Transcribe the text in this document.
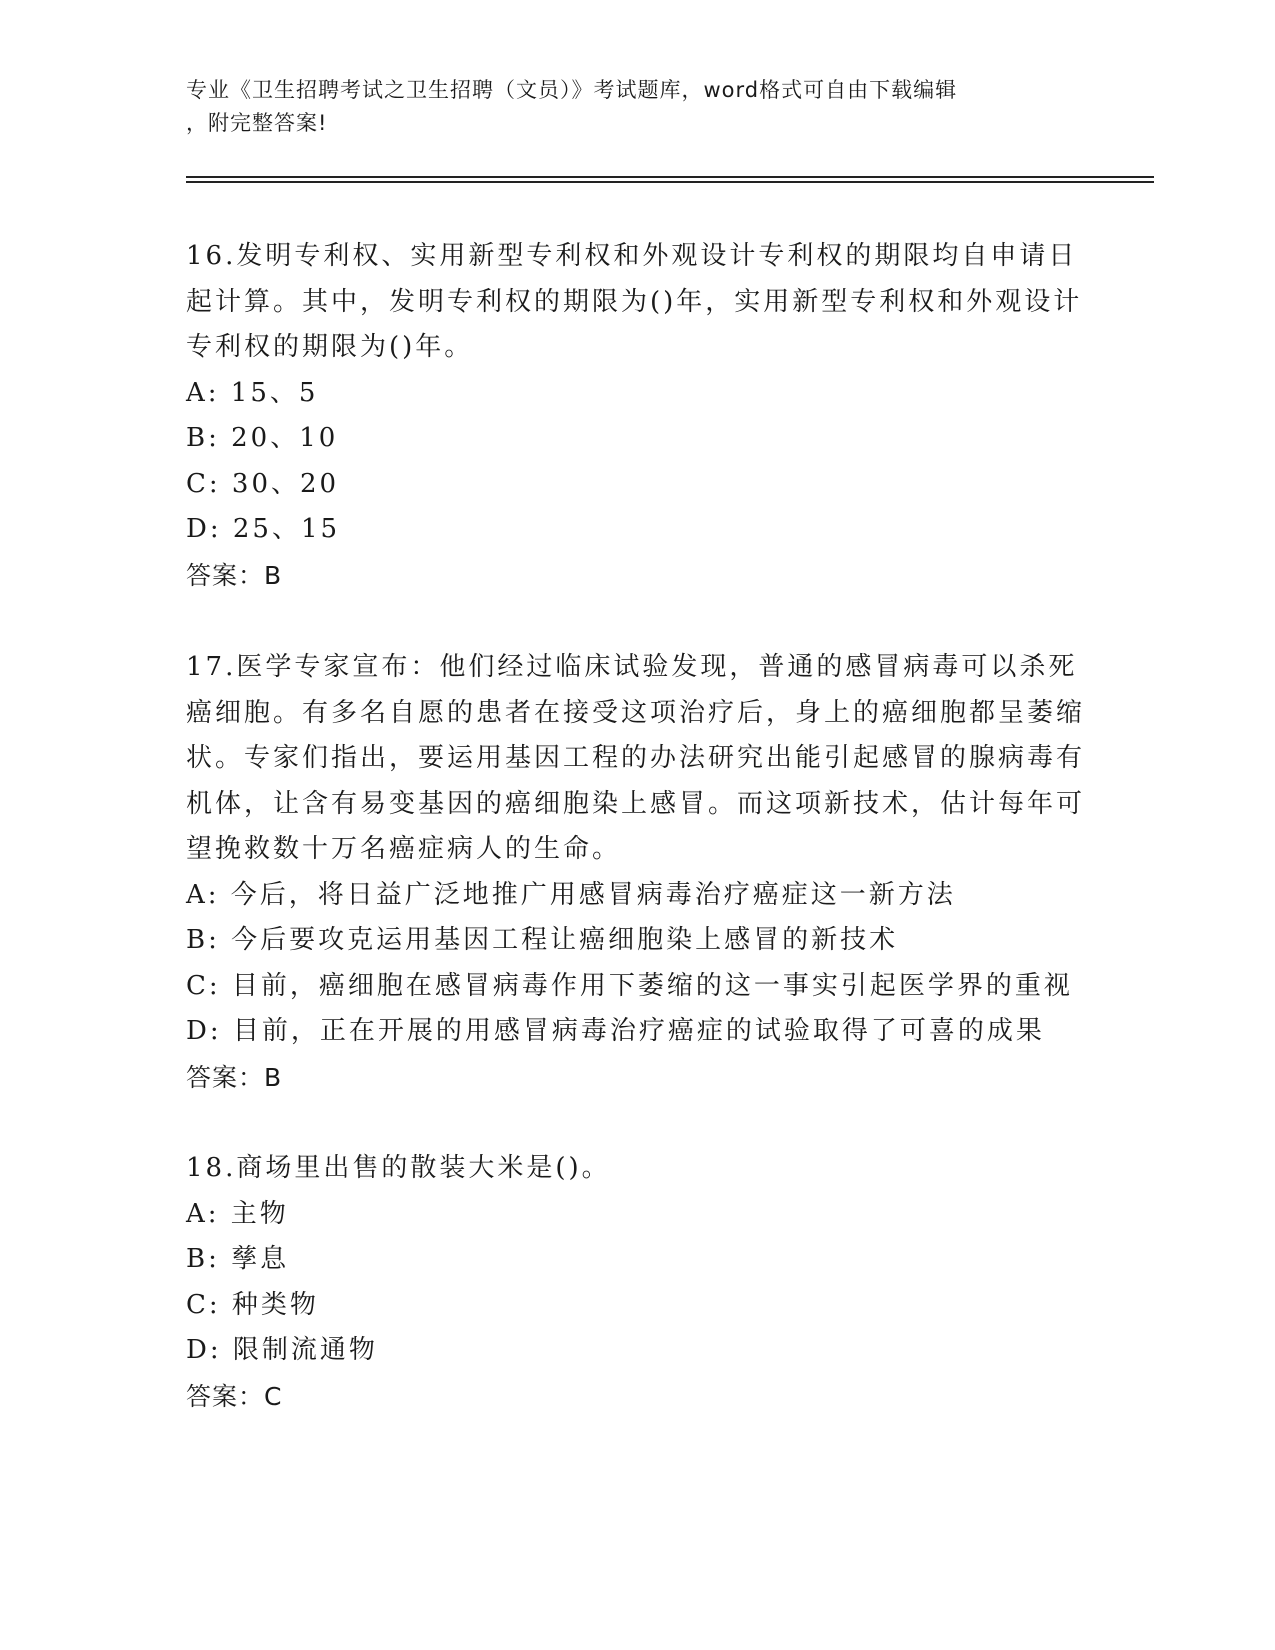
专业《卫生招聘考试之卫生招聘（文员）》考试题库，word格式可自由下载编辑
，附完整答案!
16.发明专利权、实用新型专利权和外观设计专利权的期限均自申请日起计算。其中，发明专利权的期限为()年，实用新型专利权和外观设计专利权的期限为()年。
A: 15、5
B: 20、10
C: 30、20
D: 25、15
答案：B
17.医学专家宣布：他们经过临床试验发现，普通的感冒病毒可以杀死癌细胞。有多名自愿的患者在接受这项治疗后，身上的癌细胞都呈萎缩状。专家们指出，要运用基因工程的办法研究出能引起感冒的腺病毒有机体，让含有易变基因的癌细胞染上感冒。而这项新技术，估计每年可望挽救数十万名癌症病人的生命。
A: 今后，将日益广泛地推广用感冒病毒治疗癌症这一新方法
B: 今后要攻克运用基因工程让癌细胞染上感冒的新技术
C: 目前，癌细胞在感冒病毒作用下萎缩的这一事实引起医学界的重视
D: 目前，正在开展的用感冒病毒治疗癌症的试验取得了可喜的成果
答案：B
18.商场里出售的散装大米是()。
A: 主物
B: 孳息
C: 种类物
D: 限制流通物
答案：C
